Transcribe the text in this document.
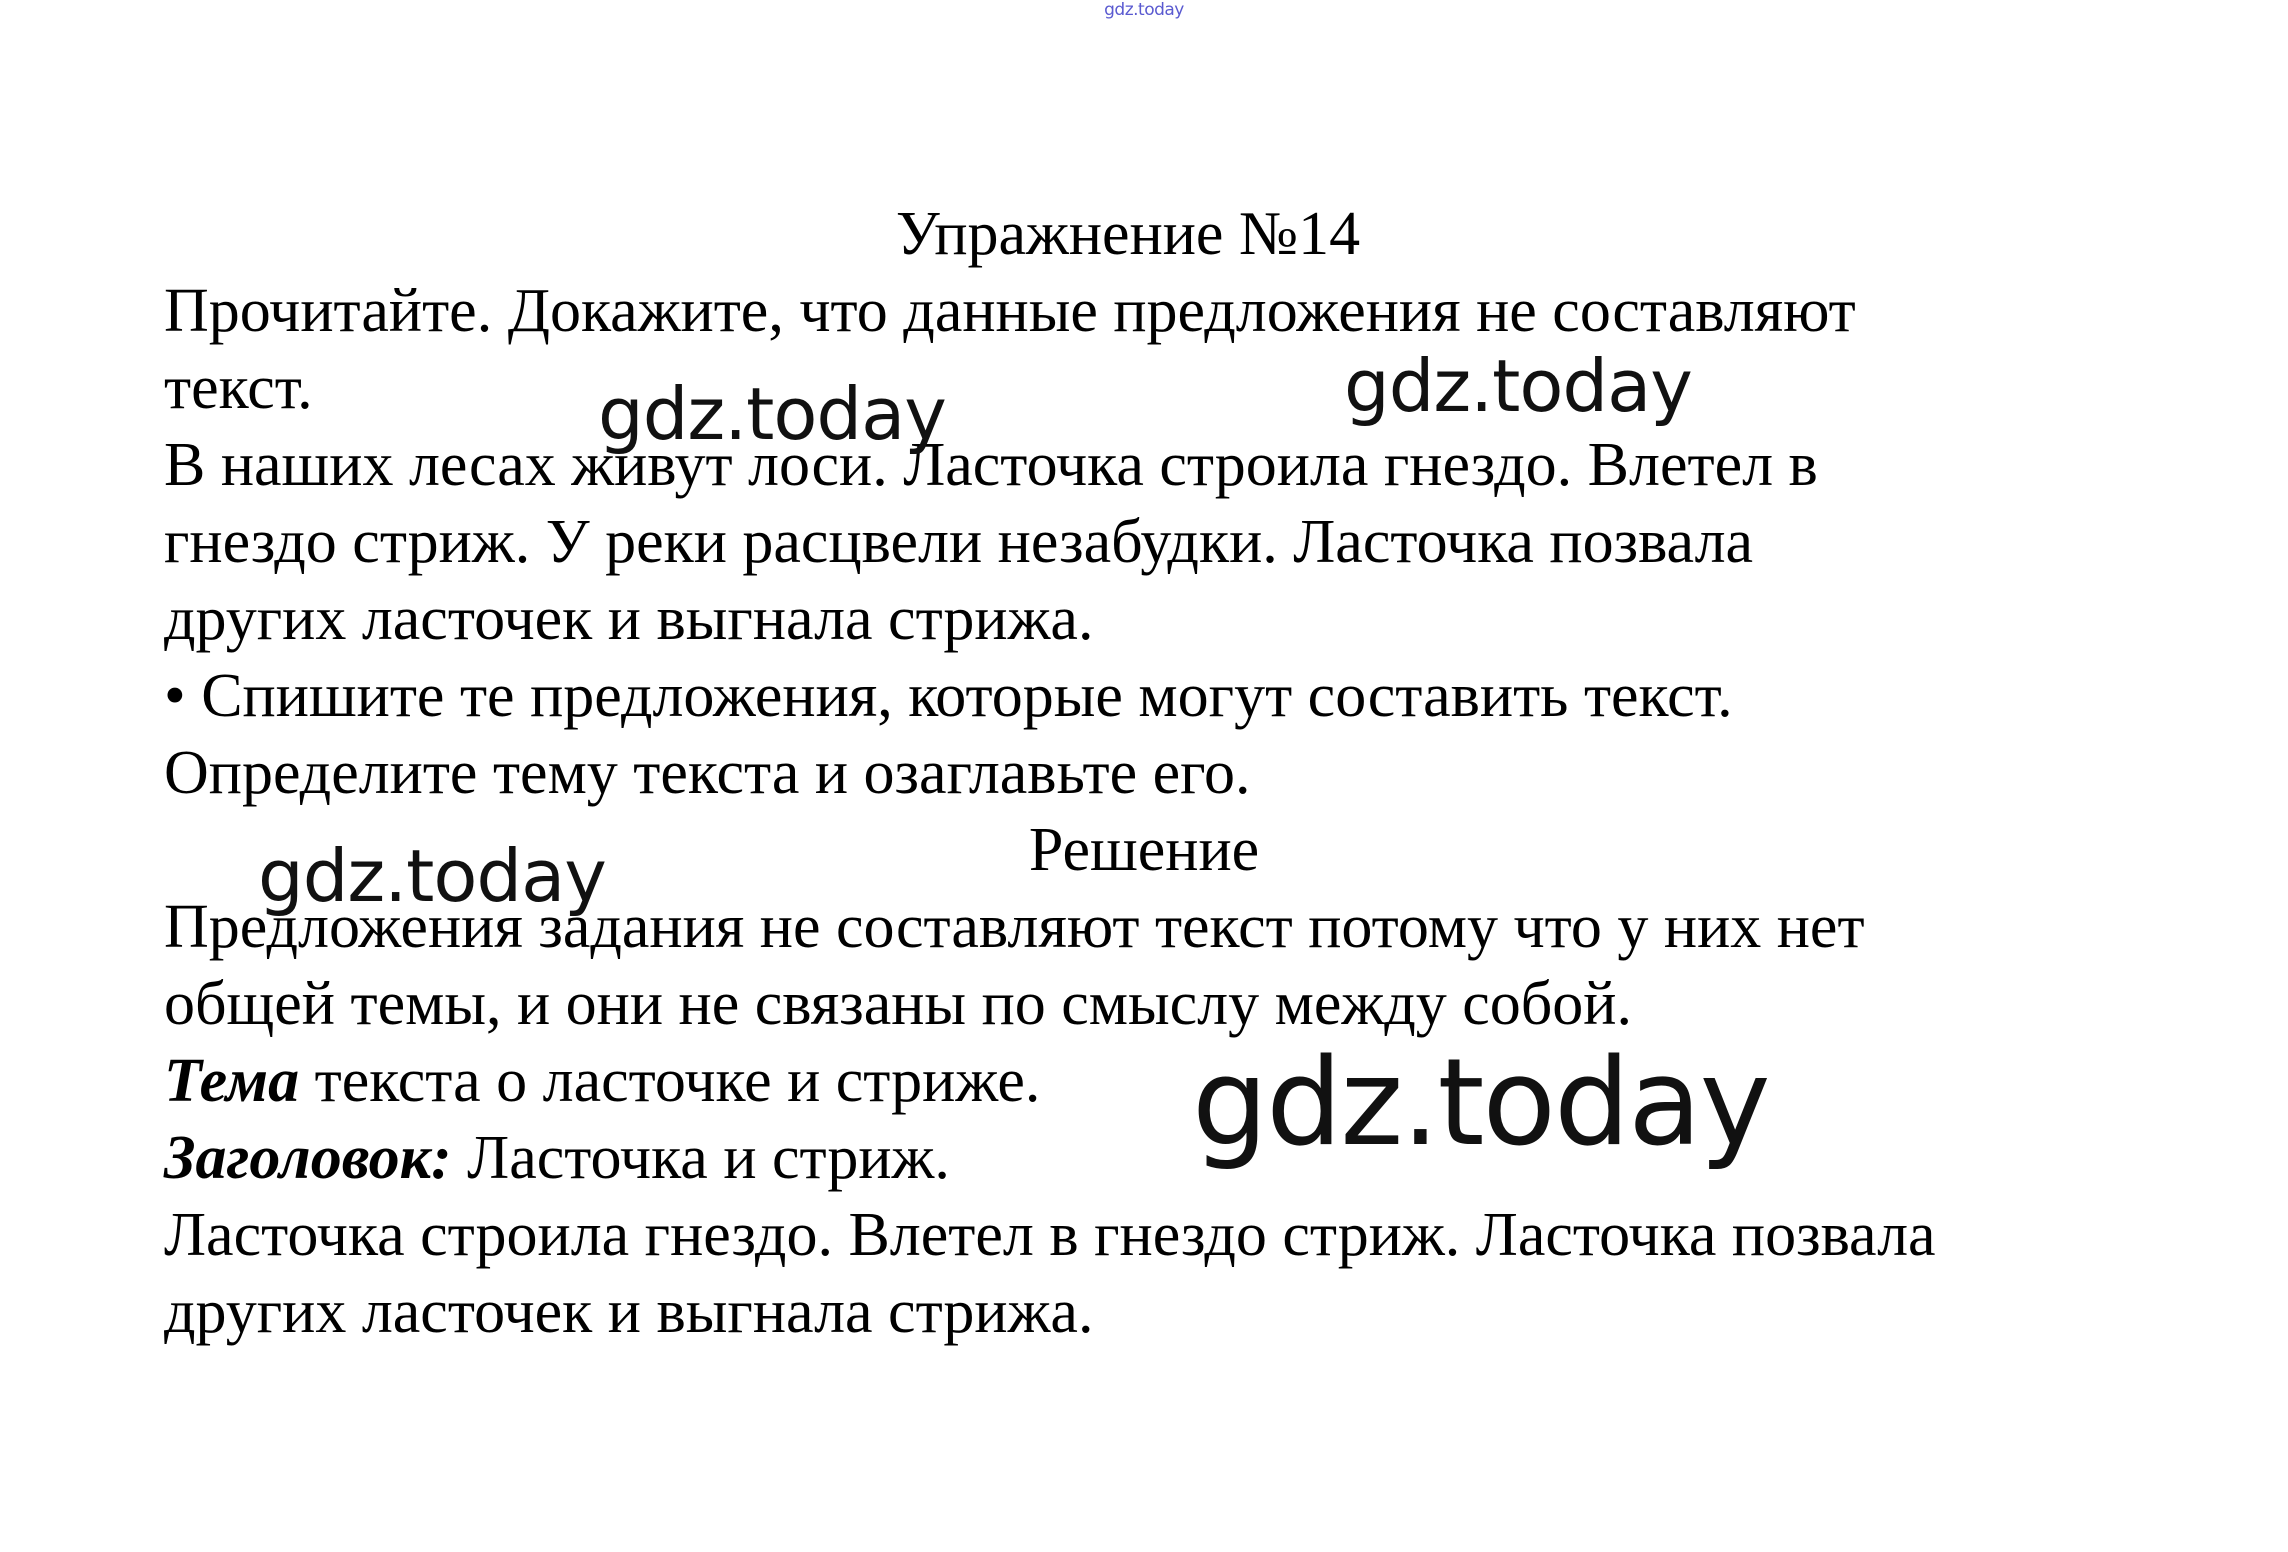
gdz.today
Упражнение №14
Прочитайте. Докажите, что данные предложения не составляют
текст.
В наших лесах живут лоси. Ласточка строила гнездо. Влетел в
гнездо стриж. У реки расцвели незабудки. Ласточка позвала
других ласточек и выгнала стрижа.
• Спишите те предложения, которые могут составить текст.
Определите тему текста и озаглавьте его.
Решение
Предложения задания не составляют текст потому что у них нет
общей темы, и они не связаны по смыслу между собой.
Тема текста о ласточке и стриже.
Заголовок: Ласточка и стриж.
Ласточка строила гнездо. Влетел в гнездо стриж. Ласточка позвала
других ласточек и выгнала стрижа.
gdz.today	gdz.today
gdz.today
gdz.today
